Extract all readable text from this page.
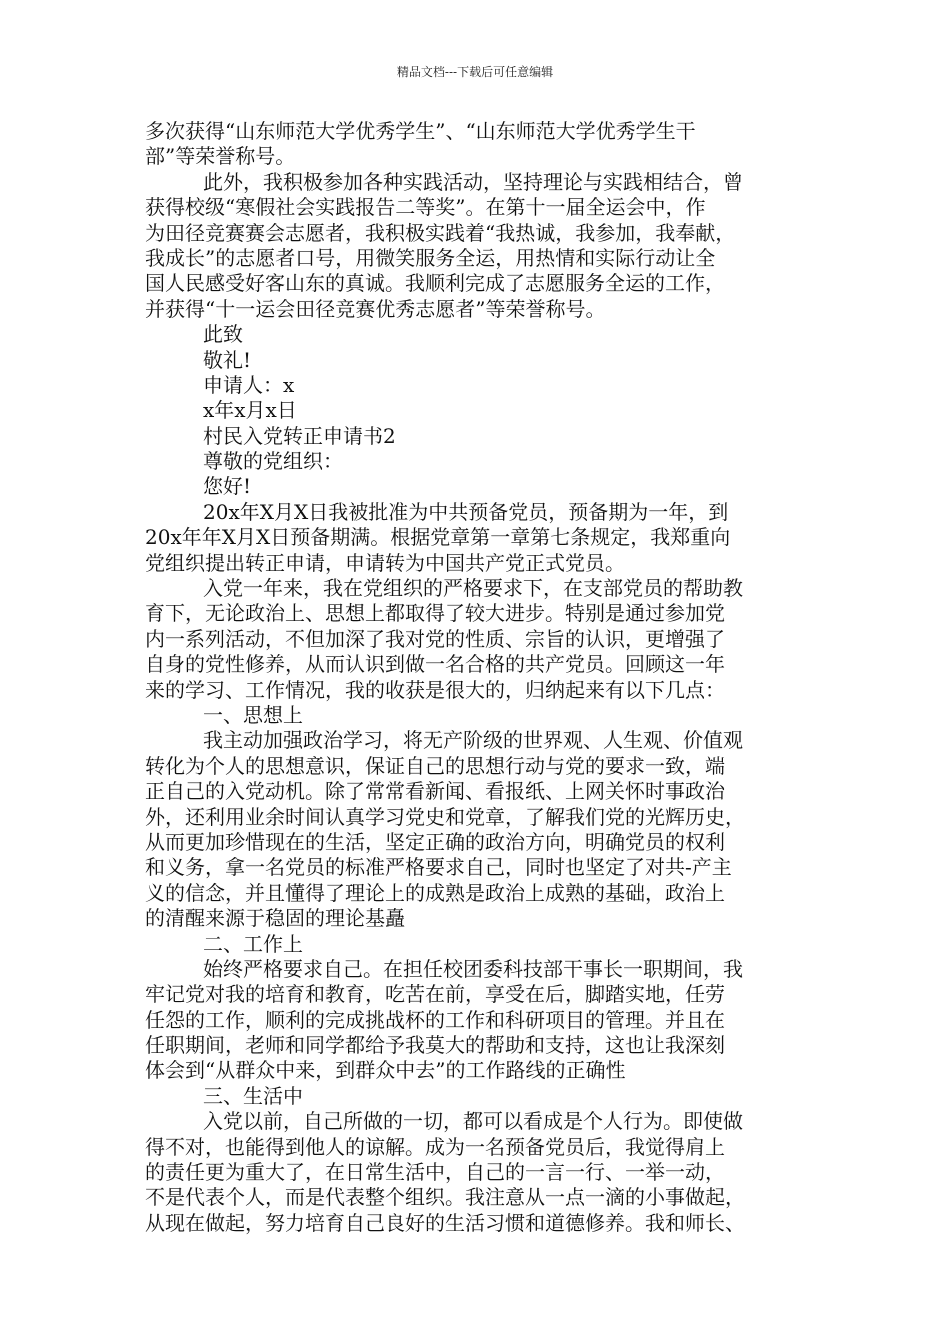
精品文档---下载后可任意编辑
多次获得“山东师范大学优秀学生”、“山东师范大学优秀学生干
部”等荣誉称号。
此外，我积极参加各种实践活动，坚持理论与实践相结合，曾
获得校级“寒假社会实践报告二等奖”。在第十一届全运会中，作
为田径竞赛赛会志愿者，我积极实践着“我热诚，我参加，我奉献，
我成长”的志愿者口号，用微笑服务全运，用热情和实际行动让全
国人民感受好客山东的真诚。我顺利完成了志愿服务全运的工作，
并获得“十一运会田径竞赛优秀志愿者”等荣誉称号。
此致
敬礼!
申请人：x
x年x月x日
村民入党转正申请书2
尊敬的党组织：
您好!
20x年X月X日我被批准为中共预备党员，预备期为一年，到
20x年年X月X日预备期满。根据党章第一章第七条规定，我郑重向
党组织提出转正申请，申请转为中国共产党正式党员。
入党一年来，我在党组织的严格要求下，在支部党员的帮助教
育下，无论政治上、思想上都取得了较大进步。特别是通过参加党
内一系列活动，不但加深了我对党的性质、宗旨的认识，更增强了
自身的党性修养，从而认识到做一名合格的共产党员。回顾这一年
来的学习、工作情况，我的收获是很大的，归纳起来有以下几点：
一、思想上
我主动加强政治学习，将无产阶级的世界观、人生观、价值观
转化为个人的思想意识，保证自己的思想行动与党的要求一致，端
正自己的入党动机。除了常常看新闻、看报纸、上网关怀时事政治
外，还利用业余时间认真学习党史和党章，了解我们党的光辉历史，
从而更加珍惜现在的生活，坚定正确的政治方向，明确党员的权利
和义务，拿一名党员的标准严格要求自己，同时也坚定了对共-产主
义的信念，并且懂得了理论上的成熟是政治上成熟的基础，政治上
的清醒来源于稳固的理论基矗
二、工作上
始终严格要求自己。在担任校团委科技部干事长一职期间，我
牢记党对我的培育和教育，吃苦在前，享受在后，脚踏实地，任劳
任怨的工作，顺利的完成挑战杯的工作和科研项目的管理。并且在
任职期间，老师和同学都给予我莫大的帮助和支持，这也让我深刻
体会到“从群众中来，到群众中去”的工作路线的正确性
三、生活中
入党以前，自己所做的一切，都可以看成是个人行为。即使做
得不对，也能得到他人的谅解。成为一名预备党员后，我觉得肩上
的责任更为重大了，在日常生活中，自己的一言一行、一举一动，
不是代表个人，而是代表整个组织。我注意从一点一滴的小事做起，
从现在做起，努力培育自己良好的生活习惯和道德修养。我和师长、
